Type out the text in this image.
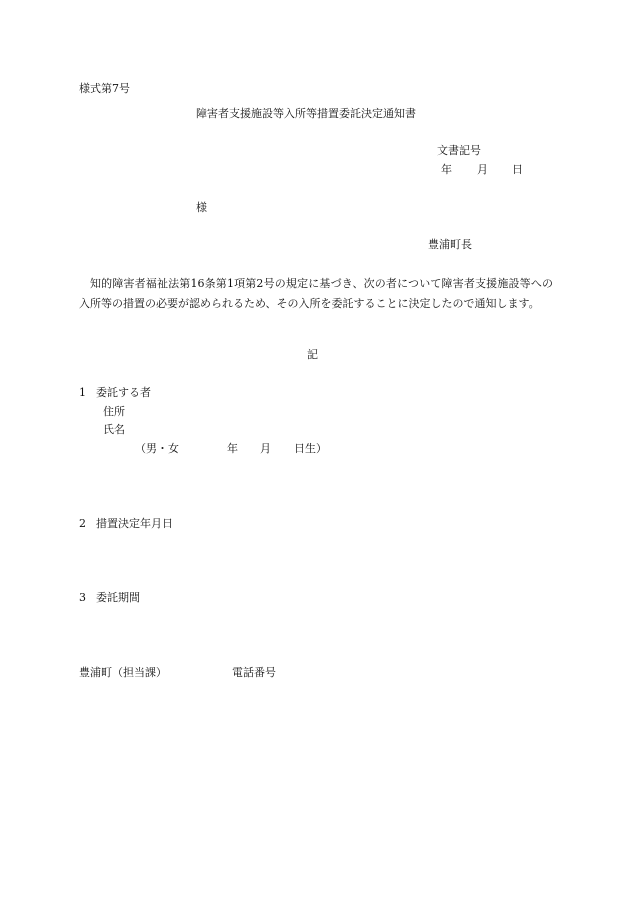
様式第7号
障害者支援施設等入所等措置委託決定通知書
文書記号
年 月 日
様
豊浦町長
知的障害者福祉法第16条第1項第2号の規定に基づき、次の者について障害者支援施設等への入所等の措置の必要が認められるため、その入所を委託することに決定したので通知します。
記
1 委託する者
住所
氏名
（男・女	年 月 日生）
2 措置決定年月日
3 委託期間
豊浦町（担当課）	電話番号
